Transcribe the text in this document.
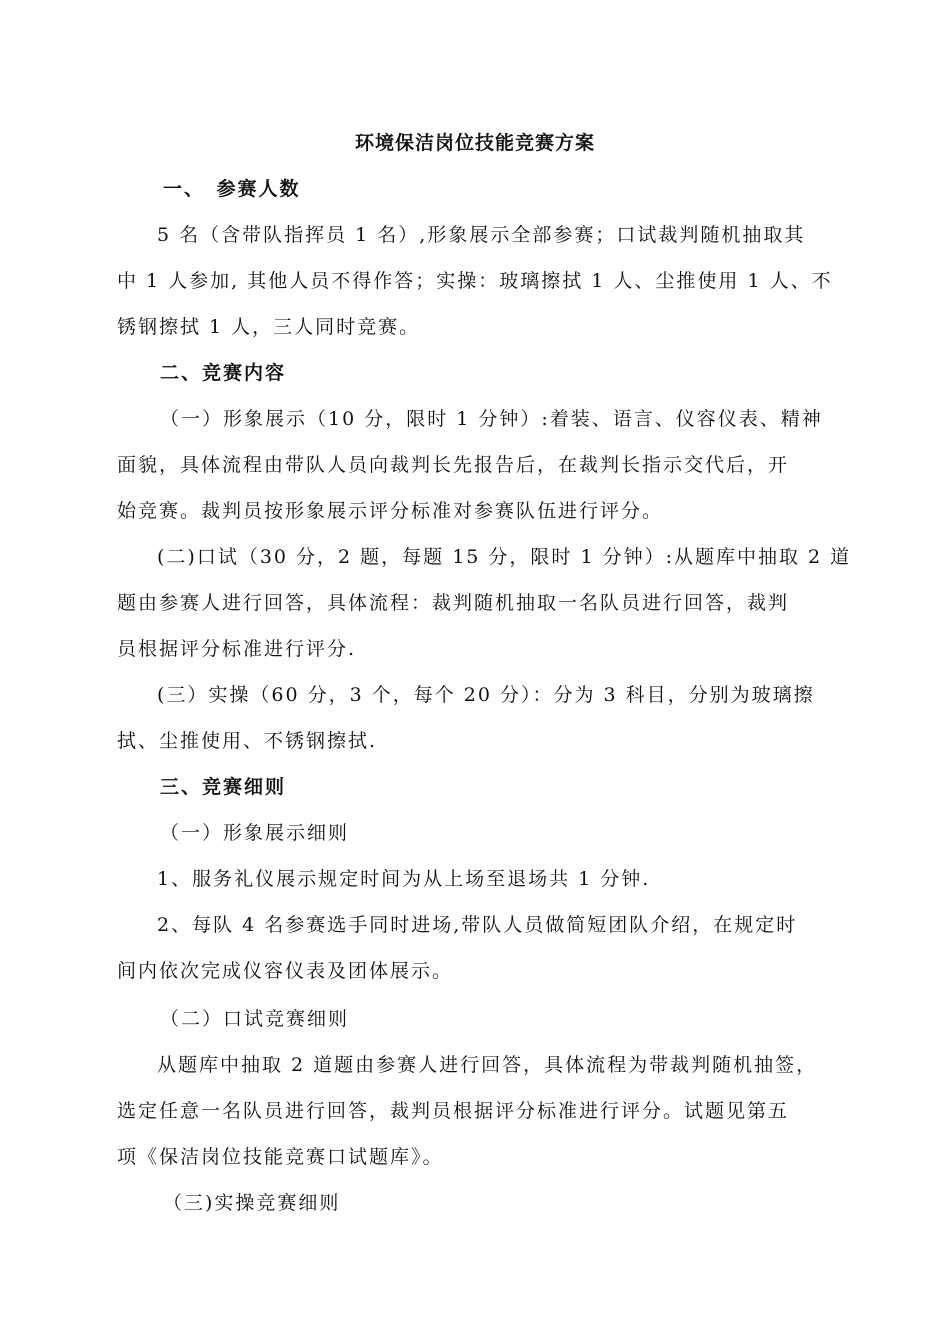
环境保洁岗位技能竞赛方案
一、　参赛人数
5 名（含带队指挥员 1 名）,形象展示全部参赛；口试裁判随机抽取其
中 1 人参加, 其他人员不得作答；实操：玻璃擦拭 1 人、尘推使用 1 人、不
锈钢擦拭 1 人，三人同时竞赛。
二、竞赛内容
（一）形象展示（10 分，限时 1 分钟）:着装、语言、仪容仪表、精神
面貌，具体流程由带队人员向裁判长先报告后，在裁判长指示交代后，开
始竞赛。裁判员按形象展示评分标准对参赛队伍进行评分。
(二)口试（30 分，2 题，每题 15 分，限时 1 分钟）:从题库中抽取 2 道
题由参赛人进行回答，具体流程：裁判随机抽取一名队员进行回答，裁判
员根据评分标准进行评分.
(三）实操（60 分，3 个，每个 20 分）：分为 3 科目，分别为玻璃擦
拭、尘推使用、不锈钢擦拭.
三、竞赛细则
（一）形象展示细则
1、服务礼仪展示规定时间为从上场至退场共 1 分钟.
2、每队 4 名参赛选手同时进场,带队人员做简短团队介绍，在规定时
间内依次完成仪容仪表及团体展示。
（二）口试竞赛细则
从题库中抽取 2 道题由参赛人进行回答，具体流程为带裁判随机抽签，
选定任意一名队员进行回答，裁判员根据评分标准进行评分。试题见第五
项《保洁岗位技能竞赛口试题库》。
（三)实操竞赛细则
